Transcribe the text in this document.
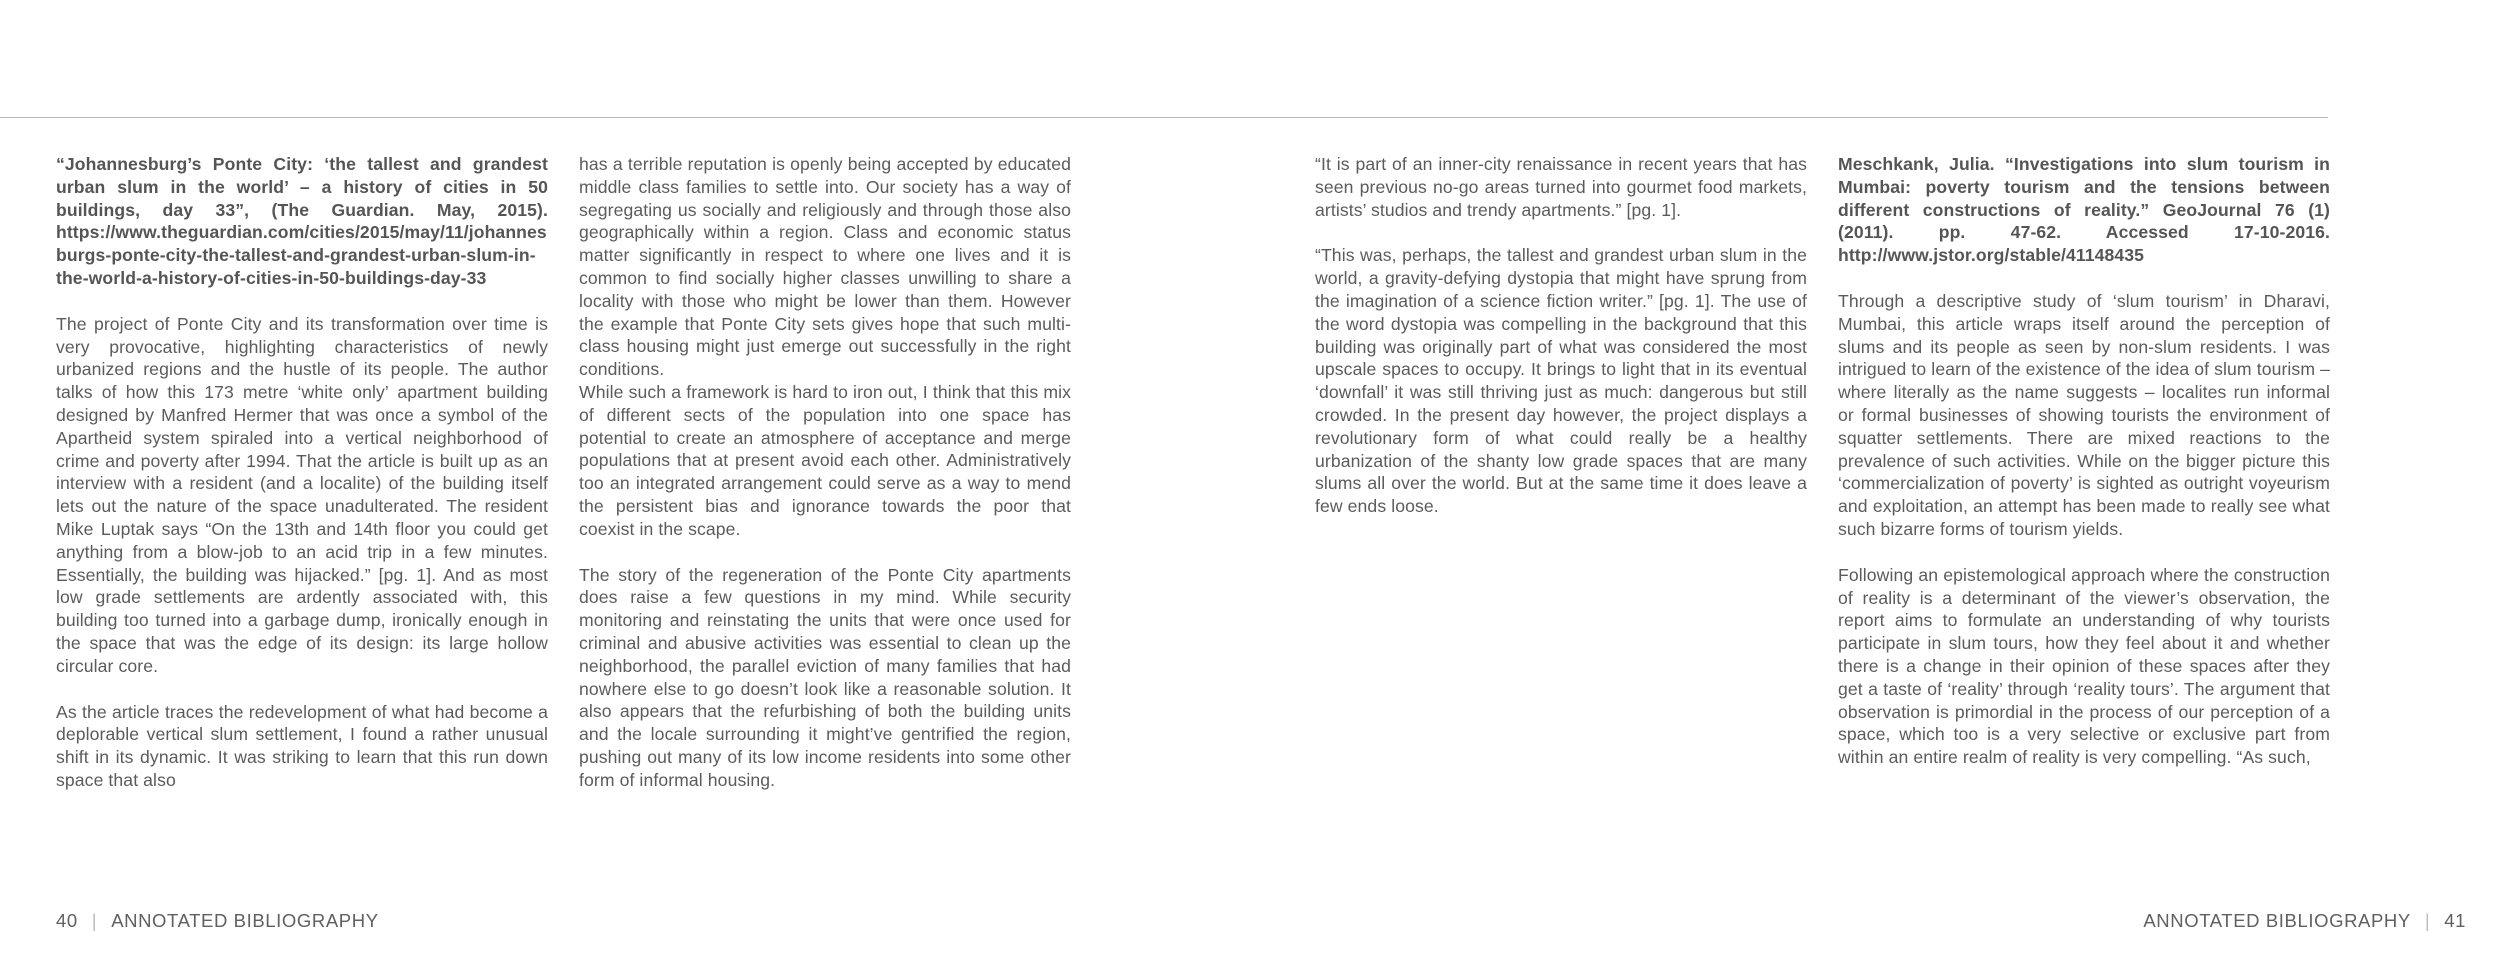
“Johannesburg’s Ponte City: ‘the tallest and grandest urban slum in the world’ – a history of cities in 50 buildings, day 33”, (The Guardian. May, 2015). https://www.theguardian.com/cities/2015/may/11/johannesburgs-ponte-city-the-tallest-and-grandest-urban-slum-in-the-world-a-history-of-cities-in-50-buildings-day-33

The project of Ponte City and its transformation over time is very provocative, highlighting characteristics of newly urbanized regions and the hustle of its people. The author talks of how this 173 metre ‘white only’ apartment building designed by Manfred Hermer that was once a symbol of the Apartheid system spiraled into a vertical neighborhood of crime and poverty after 1994. That the article is built up as an interview with a resident (and a localite) of the building itself lets out the nature of the space unadulterated. The resident Mike Luptak says “On the 13th and 14th floor you could get anything from a blow-job to an acid trip in a few minutes. Essentially, the building was hijacked.” [pg. 1]. And as most low grade settlements are ardently associated with, this building too turned into a garbage dump, ironically enough in the space that was the edge of its design: its large hollow circular core.

As the article traces the redevelopment of what had become a deplorable vertical slum settlement, I found a rather unusual shift in its dynamic. It was striking to learn that this run down space that also

has a terrible reputation is openly being accepted by educated middle class families to settle into. Our society has a way of segregating us socially and religiously and through those also geographically within a region. Class and economic status matter significantly in respect to where one lives and it is common to find socially higher classes unwilling to share a locality with those who might be lower than them. However the example that Ponte City sets gives hope that such multi-class housing might just emerge out successfully in the right conditions.

While such a framework is hard to iron out, I think that this mix of different sects of the population into one space has potential to create an atmosphere of acceptance and merge populations that at present avoid each other. Administratively too an integrated arrangement could serve as a way to mend the persistent bias and ignorance towards the poor that coexist in the scape.

The story of the regeneration of the Ponte City apartments does raise a few questions in my mind. While security monitoring and reinstating the units that were once used for criminal and abusive activities was essential to clean up the neighborhood, the parallel eviction of many families that had nowhere else to go doesn’t look like a reasonable solution. It also appears that the refurbishing of both the building units and the locale surrounding it might’ve gentrified the region, pushing out many of its low income residents into some other form of informal housing.

“It is part of an inner-city renaissance in recent years that has seen previous no-go areas turned into gourmet food markets, artists’ studios and trendy apartments.” [pg. 1].

“This was, perhaps, the tallest and grandest urban slum in the world, a gravity-defying dystopia that might have sprung from the imagination of a science fiction writer.” [pg. 1]. The use of the word dystopia was compelling in the background that this building was originally part of what was considered the most upscale spaces to occupy. It brings to light that in its eventual ‘downfall’ it was still thriving just as much: dangerous but still crowded. In the present day however, the project displays a revolutionary form of what could really be a healthy urbanization of the shanty low grade spaces that are many slums all over the world. But at the same time it does leave a few ends loose.

Meschkank, Julia. “Investigations into slum tourism in Mumbai: poverty tourism and the tensions between different constructions of reality.” GeoJournal 76 (1) (2011). pp. 47-62. Accessed 17-10-2016. http://www.jstor.org/stable/41148435

Through a descriptive study of ‘slum tourism’ in Dharavi, Mumbai, this article wraps itself around the perception of slums and its people as seen by non-slum residents. I was intrigued to learn of the existence of the idea of slum tourism – where literally as the name suggests – localites run informal or formal businesses of showing tourists the environment of squatter settlements. There are mixed reactions to the prevalence of such activities. While on the bigger picture this ‘commercialization of poverty’ is sighted as outright voyeurism and exploitation, an attempt has been made to really see what such bizarre forms of tourism yields.

Following an epistemological approach where the construction of reality is a determinant of the viewer’s observation, the report aims to formulate an understanding of why tourists participate in slum tours, how they feel about it and whether there is a change in their opinion of these spaces after they get a taste of ‘reality’ through ‘reality tours’. The argument that observation is primordial in the process of our perception of a space, which too is a very selective or exclusive part from within an entire realm of reality is very compelling. “As such,

40 | ANNOTATED BIBLIOGRAPHY	ANNOTATED BIBLIOGRAPHY | 41
